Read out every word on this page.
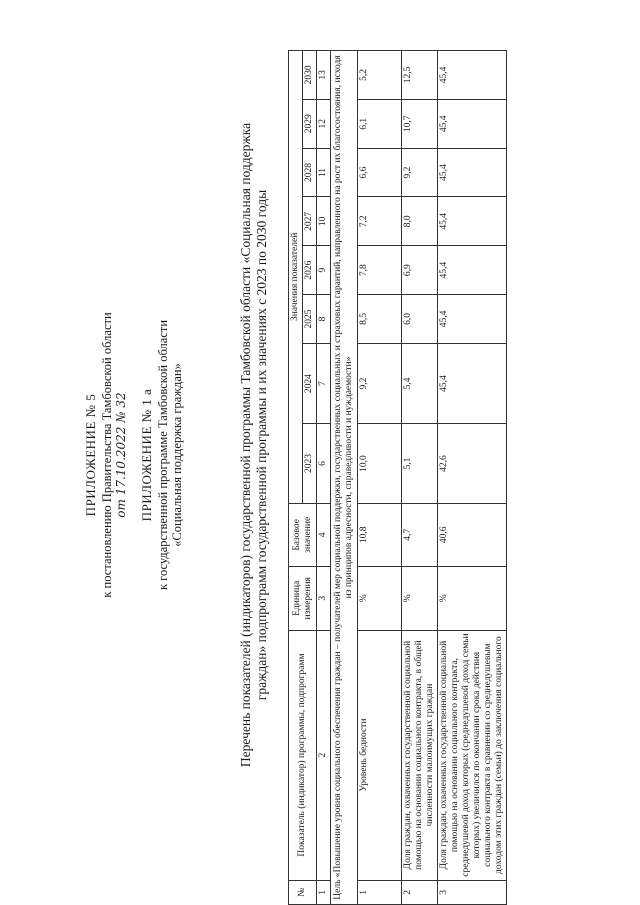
ПРИЛОЖЕНИЕ № 5 к постановлению Правительства Тамбовской области от 17.10.2022 № 32 ПРИЛОЖЕНИЕ № 1 а к государственной программе Тамбовской области «Социальная поддержка граждан»	Перечень показателей (индикаторов) государственной программы Тамбовской области «Социальная поддержка граждан» подпрограмм государственной программы и их значениях с 2023 по 2030 годы
№	Показатель (индикатор) программы, подпрограмм	Единица измерения	Базовое значение	Значения показателей							
				2023	2024	2025	2026	2027	2028	2029	2030
1	2	3	4	6	7	8	9	10	11	12	13
Цель «Повышение уровня социального обеспечения граждан – получателей мер социальной поддержки, государственных социальных и страховых гарантий, направленного на рост их благосостояния, исходя из принципов адресности, справедливости и нуждаемости»											
1	Уровень бедности	%	10,8	10,0	9,2	8,5	7,8	7,2	6,6	6,1	5,2
2	Доля граждан, охваченных государственной социальной помощью на основании социального контракта, в общей численности малоимущих граждан	%	4,7	5,1	5,4	6,0	6,9	8,0	9,2	10,7	12,5
3	Доля граждан, охваченных государственной социальной помощью на основании социального контракта, среднедушевой доход которых (среднедушевой доход семьи которых) увеличился по окончании срока действия социального контракта в сравнении со среднедушевым доходом этих граждан (семьи) до заключения социального	%	40,6	42,6	45,4	45,4	45,4	45,4	45,4	45,4	45,4
